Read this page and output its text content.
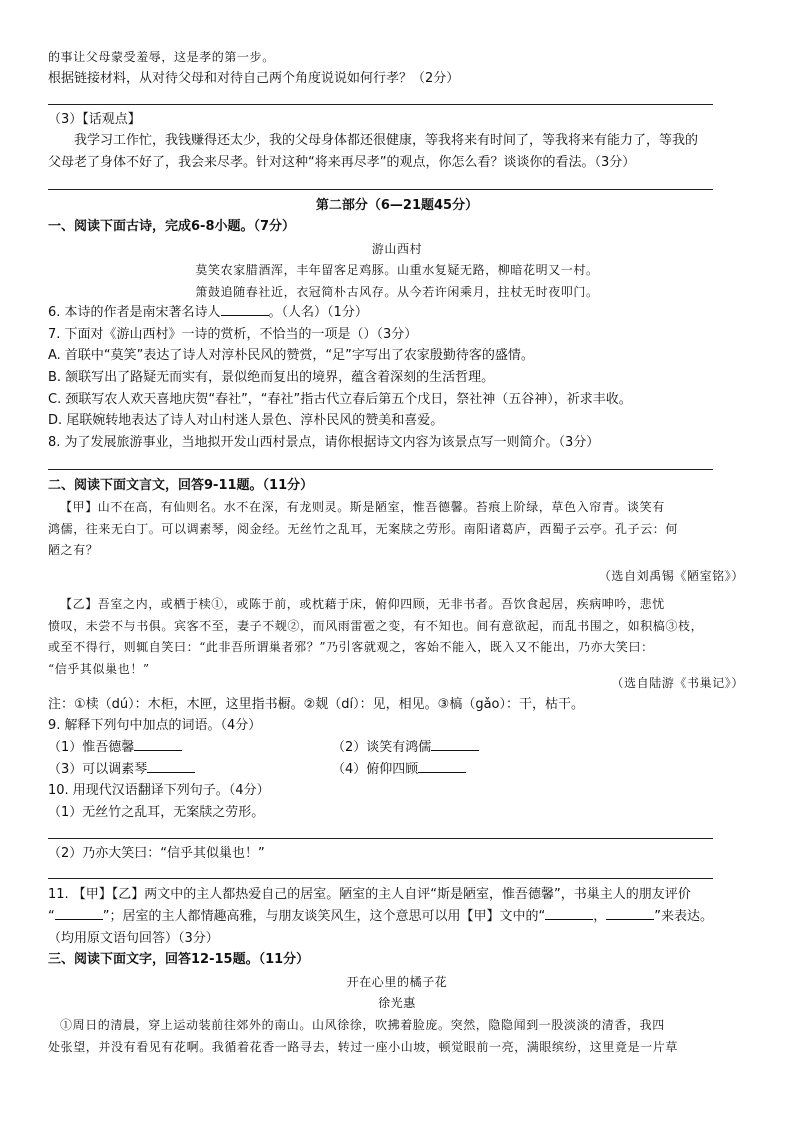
的事让父母蒙受羞辱，这是孝的第一步。
根据链接材料，从对待父母和对待自己两个角度说说如何行孝？（2分）
（3）【话观点】
我学习工作忙，我钱赚得还太少，我的父母身体都还很健康，等我将来有时间了，等我将来有能力了，等我的
父母老了身体不好了，我会来尽孝。针对这种“将来再尽孝”的观点，你怎么看？谈谈你的看法。（3分）
第二部分（6—21题45分）
一、阅读下面古诗，完成6-8小题。（7分）
游山西村
莫笑农家腊酒浑，丰年留客足鸡豚。山重水复疑无路，柳暗花明又一村。
箫鼓追随春社近，衣冠简朴古风存。从今若许闲乘月，拄杖无时夜叩门。
6. 本诗的作者是南宋著名诗人	。（人名）（1分）
7. 下面对《游山西村》一诗的赏析，不恰当的一项是（）（3分）
A. 首联中“莫笑”表达了诗人对淳朴民风的赞赏，“足”字写出了农家殷勤待客的盛情。
B. 颔联写出了路疑无而实有，景似绝而复出的境界，蕴含着深刻的生活哲理。
C. 颈联写农人欢天喜地庆贺“春社”，“春社”指古代立春后第五个戊日，祭社神（五谷神），祈求丰收。
D. 尾联婉转地表达了诗人对山村迷人景色、淳朴民风的赞美和喜爱。
8. 为了发展旅游事业，当地拟开发山西村景点，请你根据诗文内容为该景点写一则简介。（3分）
二、阅读下面文言文，回答9-11题。（11分）
【甲】山不在高，有仙则名。水不在深，有龙则灵。斯是陋室，惟吾德馨。苔痕上阶绿，草色入帘青。谈笑有
鸿儒，往来无白丁。可以调素琴，阅金经。无丝竹之乱耳，无案牍之劳形。南阳诸葛庐，西蜀子云亭。孔子云：何
陋之有？
（选自刘禹锡《陋室铭》）
【乙】吾室之内，或栖于椟①，或陈于前，或枕藉于床，俯仰四顾，无非书者。吾饮食起居，疾病呻吟，悲忧
愤叹，未尝不与书俱。宾客不至，妻子不觌②，而风雨雷雹之变，有不知也。间有意欲起，而乱书围之，如积槁③枝，
或至不得行，则辄自笑曰：“此非吾所谓巢者邪？”乃引客就观之，客始不能入，既入又不能出，乃亦大笑曰：
“信乎其似巢也！”
（选自陆游《书巢记》）
注：①椟（dú）：木柜，木匣，这里指书橱。②觌（dí）：见，相见。③槁（gǎo）：干，枯干。
9. 解释下列句中加点的词语。（4分）
（1）惟吾德馨	（2）谈笑有鸿儒
（3）可以调素琴	（4）俯仰四顾
10. 用现代汉语翻译下列句子。（4分）
（1）无丝竹之乱耳，无案牍之劳形。
（2）乃亦大笑曰：“信乎其似巢也！”
11. 【甲】【乙】两文中的主人都热爱自己的居室。陋室的主人自评“斯是陋室，惟吾德馨”，书巢主人的朋友评价
“	”；居室的主人都情趣高雅，与朋友谈笑风生，这个意思可以用【甲】文中的“	，	”来表达。
（均用原文语句回答）（3分）
三、阅读下面文字，回答12-15题。（11分）
开在心里的橘子花
徐光惠
①周日的清晨，穿上运动装前往郊外的南山。山风徐徐，吹拂着脸庞。突然，隐隐闻到一股淡淡的清香，我四
处张望，并没有看见有花啊。我循着花香一路寻去，转过一座小山坡，顿觉眼前一亮，满眼缤纷，这里竟是一片草
